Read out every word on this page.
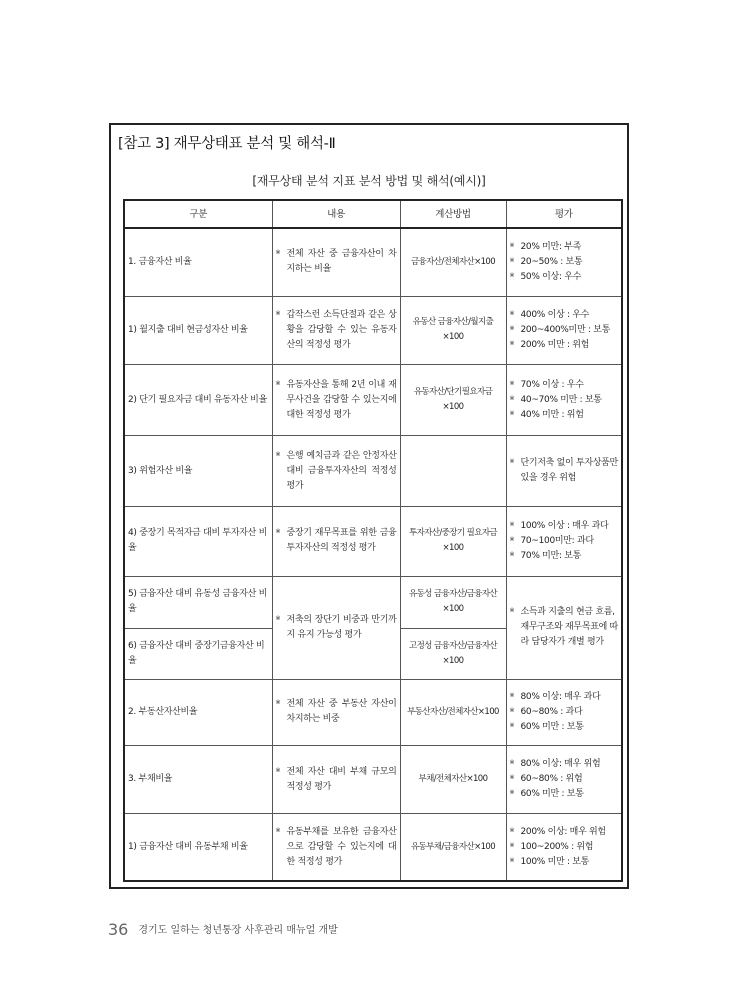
[참고 3] 재무상태표 분석 및 해석-Ⅱ
[재무상태 분석 지표 분석 방법 및 해석(예시)]
구분	내용	계산방법	평가
1. 금융자산 비율	※ 전체 자산 중 금융자산이 차지하는 비율	금융자산/전체자산×100	※ 20% 미만: 부족
※ 20~50% : 보통
※ 50% 이상: 우수

1) 월지출 대비 현금성자산 비율	※ 갑작스런 소득단절과 같은 상황을 감당할 수 있는 유동자산의 적정성 평가	유동산 금융자산/월지출 ×100	※ 400% 이상 : 우수
※ 200~400%미만 : 보통
※ 200% 미만 : 위험

2) 단기 필요자금 대비 유동자산 비율	※ 유동자산을 통해 2년 이내 재무사건을 감당할 수 있는지에 대한 적정성 평가	유동자산/단기필요자금 ×100	※ 70% 이상 : 우수
※ 40~70% 미만 : 보통
※ 40% 미만 : 위험

3) 위험자산 비율	※ 은행 예치금과 같은 안정자산 대비 금융투자자산의 적정성 평가		※ 단기저축 없이 투자상품만 있을 경우 위험

4) 중장기 목적자금 대비 투자자산 비율	※ 중장기 재무목표를 위한 금융투자자산의 적정성 평가	투자자산/중장기 필요자금×100	※ 100% 이상 : 매우 과다
※ 70~100미만: 과다
※ 70% 미만: 보통

5) 금융자산 대비 유동성 금융자산 비율	※ 저축의 장단기 비중과 만기까지 유지 가능성 평가	유동성 금융자산/금융자산×100	※ 소득과 지출의 현금 흐름, 재무구조와 재무목표에 따라 담당자가 개별 평가

6) 금융자산 대비 중장기금융자산 비율		고정성 금융자산/금융자산×100	
2. 부동산자산비율	※ 전체 자산 중 부동산 자산이 차지하는 비중	부동산자산/전체자산×100	※ 80% 이상: 매우 과다
※ 60~80% : 과다
※ 60% 미만 : 보통

3. 부채비율	※ 전체 자산 대비 부채 규모의 적정성 평가	부채/전체자산×100	※ 80% 이상: 매우 위험
※ 60~80% : 위험
※ 60% 미만 : 보통

1) 금융자산 대비 유동부채 비율	※ 유동부채를 보유한 금융자산으로 감당할 수 있는지에 대한 적정성 평가	유동부채/금융자산×100	※ 200% 이상: 매우 위험
※ 100~200% : 위험
※ 100% 미만 : 보통
36 경기도 일하는 청년통장 사후관리 매뉴얼 개발
